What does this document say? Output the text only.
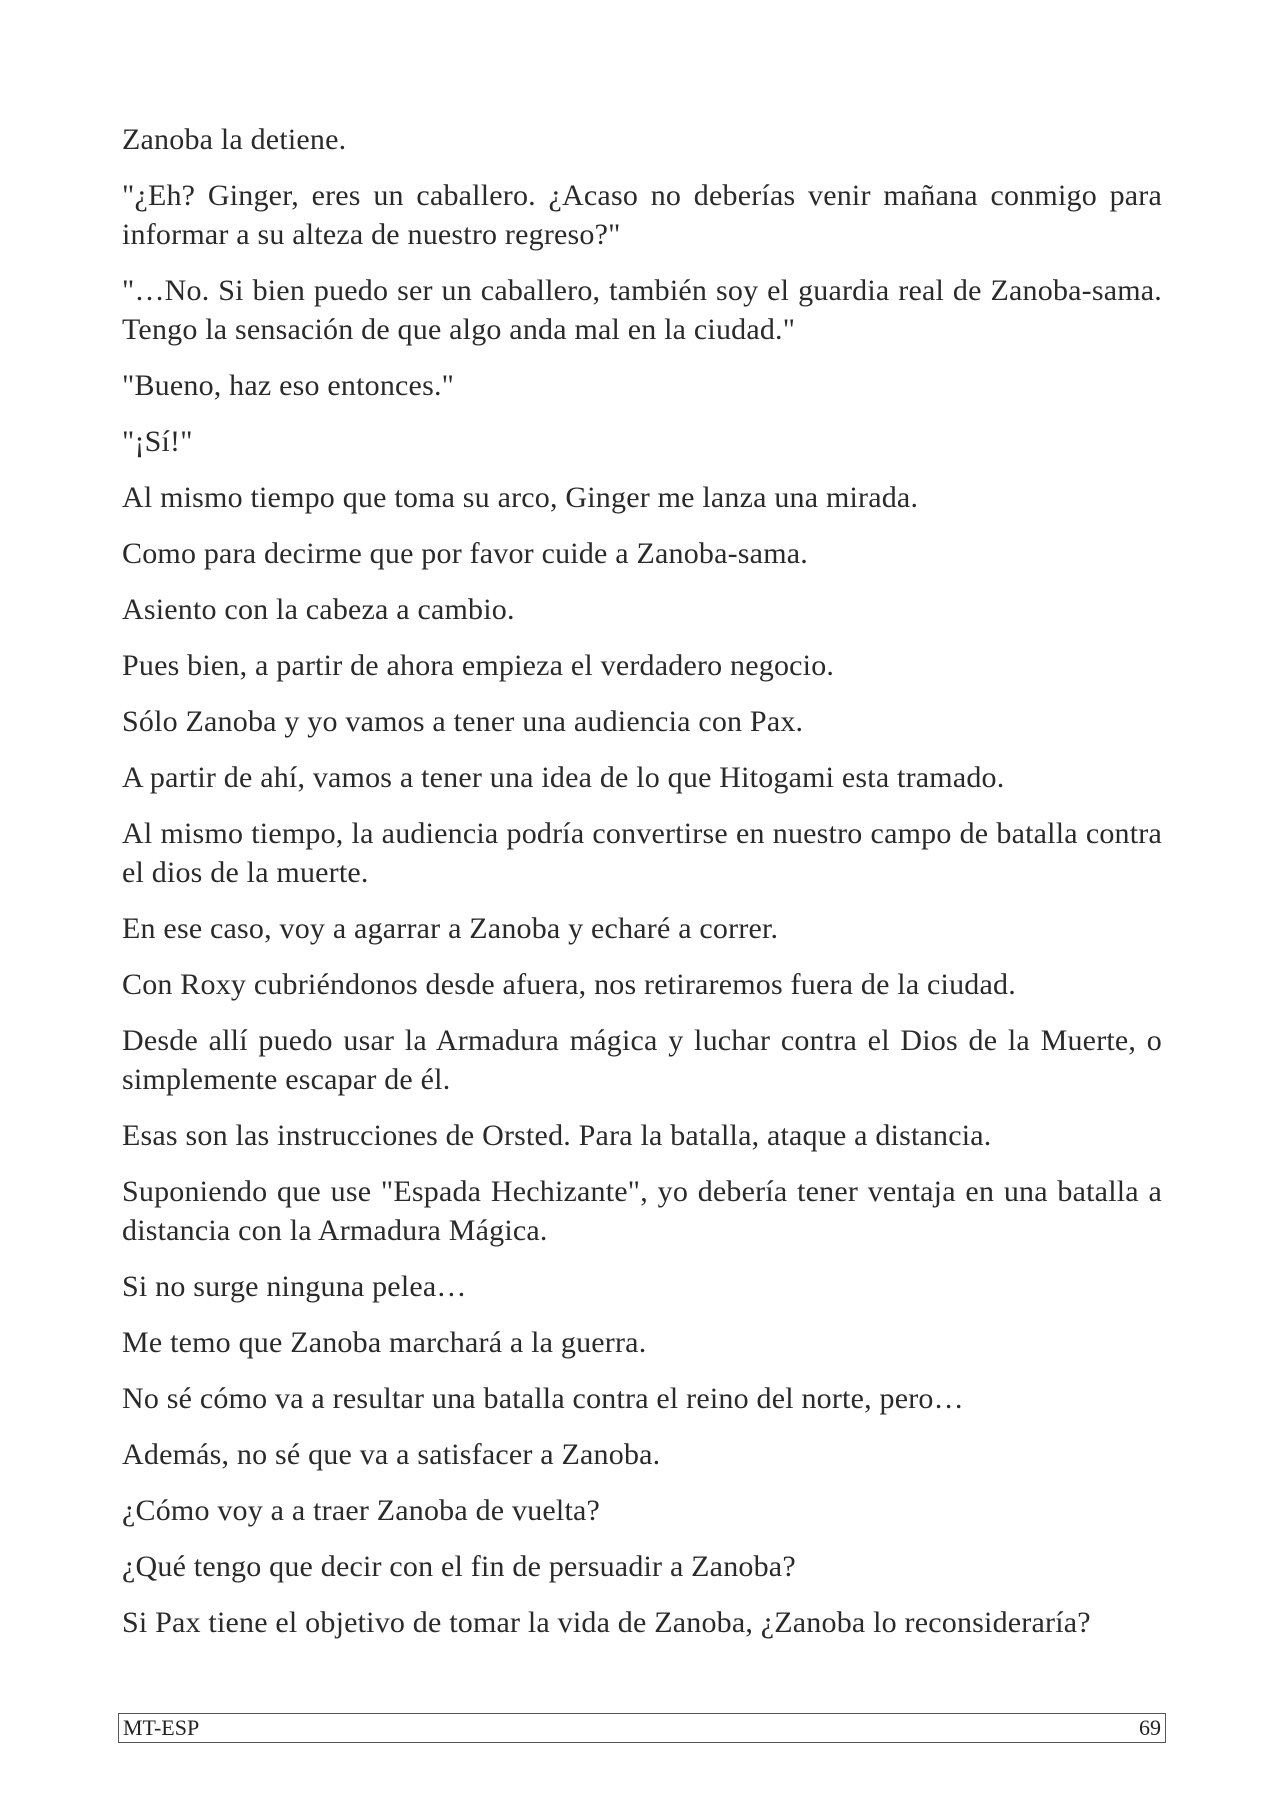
Zanoba la detiene.

"¿Eh? Ginger, eres un caballero. ¿Acaso no deberías venir mañana conmigo para informar a su alteza de nuestro regreso?"

"…No. Si bien puedo ser un caballero, también soy el guardia real de Zanoba-sama. Tengo la sensación de que algo anda mal en la ciudad."

"Bueno, haz eso entonces."

"¡Sí!"

Al mismo tiempo que toma su arco, Ginger me lanza una mirada.

Como para decirme que por favor cuide a Zanoba-sama.

Asiento con la cabeza a cambio.

Pues bien, a partir de ahora empieza el verdadero negocio.

Sólo Zanoba y yo vamos a tener una audiencia con Pax.

A partir de ahí, vamos a tener una idea de lo que Hitogami esta tramado.

Al mismo tiempo, la audiencia podría convertirse en nuestro campo de batalla contra el dios de la muerte.

En ese caso, voy a agarrar a Zanoba y echaré a correr.

Con Roxy cubriéndonos desde afuera, nos retiraremos fuera de la ciudad.

Desde allí puedo usar la Armadura mágica y luchar contra el Dios de la Muerte, o simplemente escapar de él.

Esas son las instrucciones de Orsted. Para la batalla, ataque a distancia.

Suponiendo que use "Espada Hechizante", yo debería tener ventaja en una batalla a distancia con la Armadura Mágica.

Si no surge ninguna pelea…

Me temo que Zanoba marchará a la guerra.

No sé cómo va a resultar una batalla contra el reino del norte, pero…

Además, no sé que va a satisfacer a Zanoba.

¿Cómo voy a a traer Zanoba de vuelta?

¿Qué tengo que decir con el fin de persuadir a Zanoba?

Si Pax tiene el objetivo de tomar la vida de Zanoba, ¿Zanoba lo reconsideraría?

MT-ESP	69
